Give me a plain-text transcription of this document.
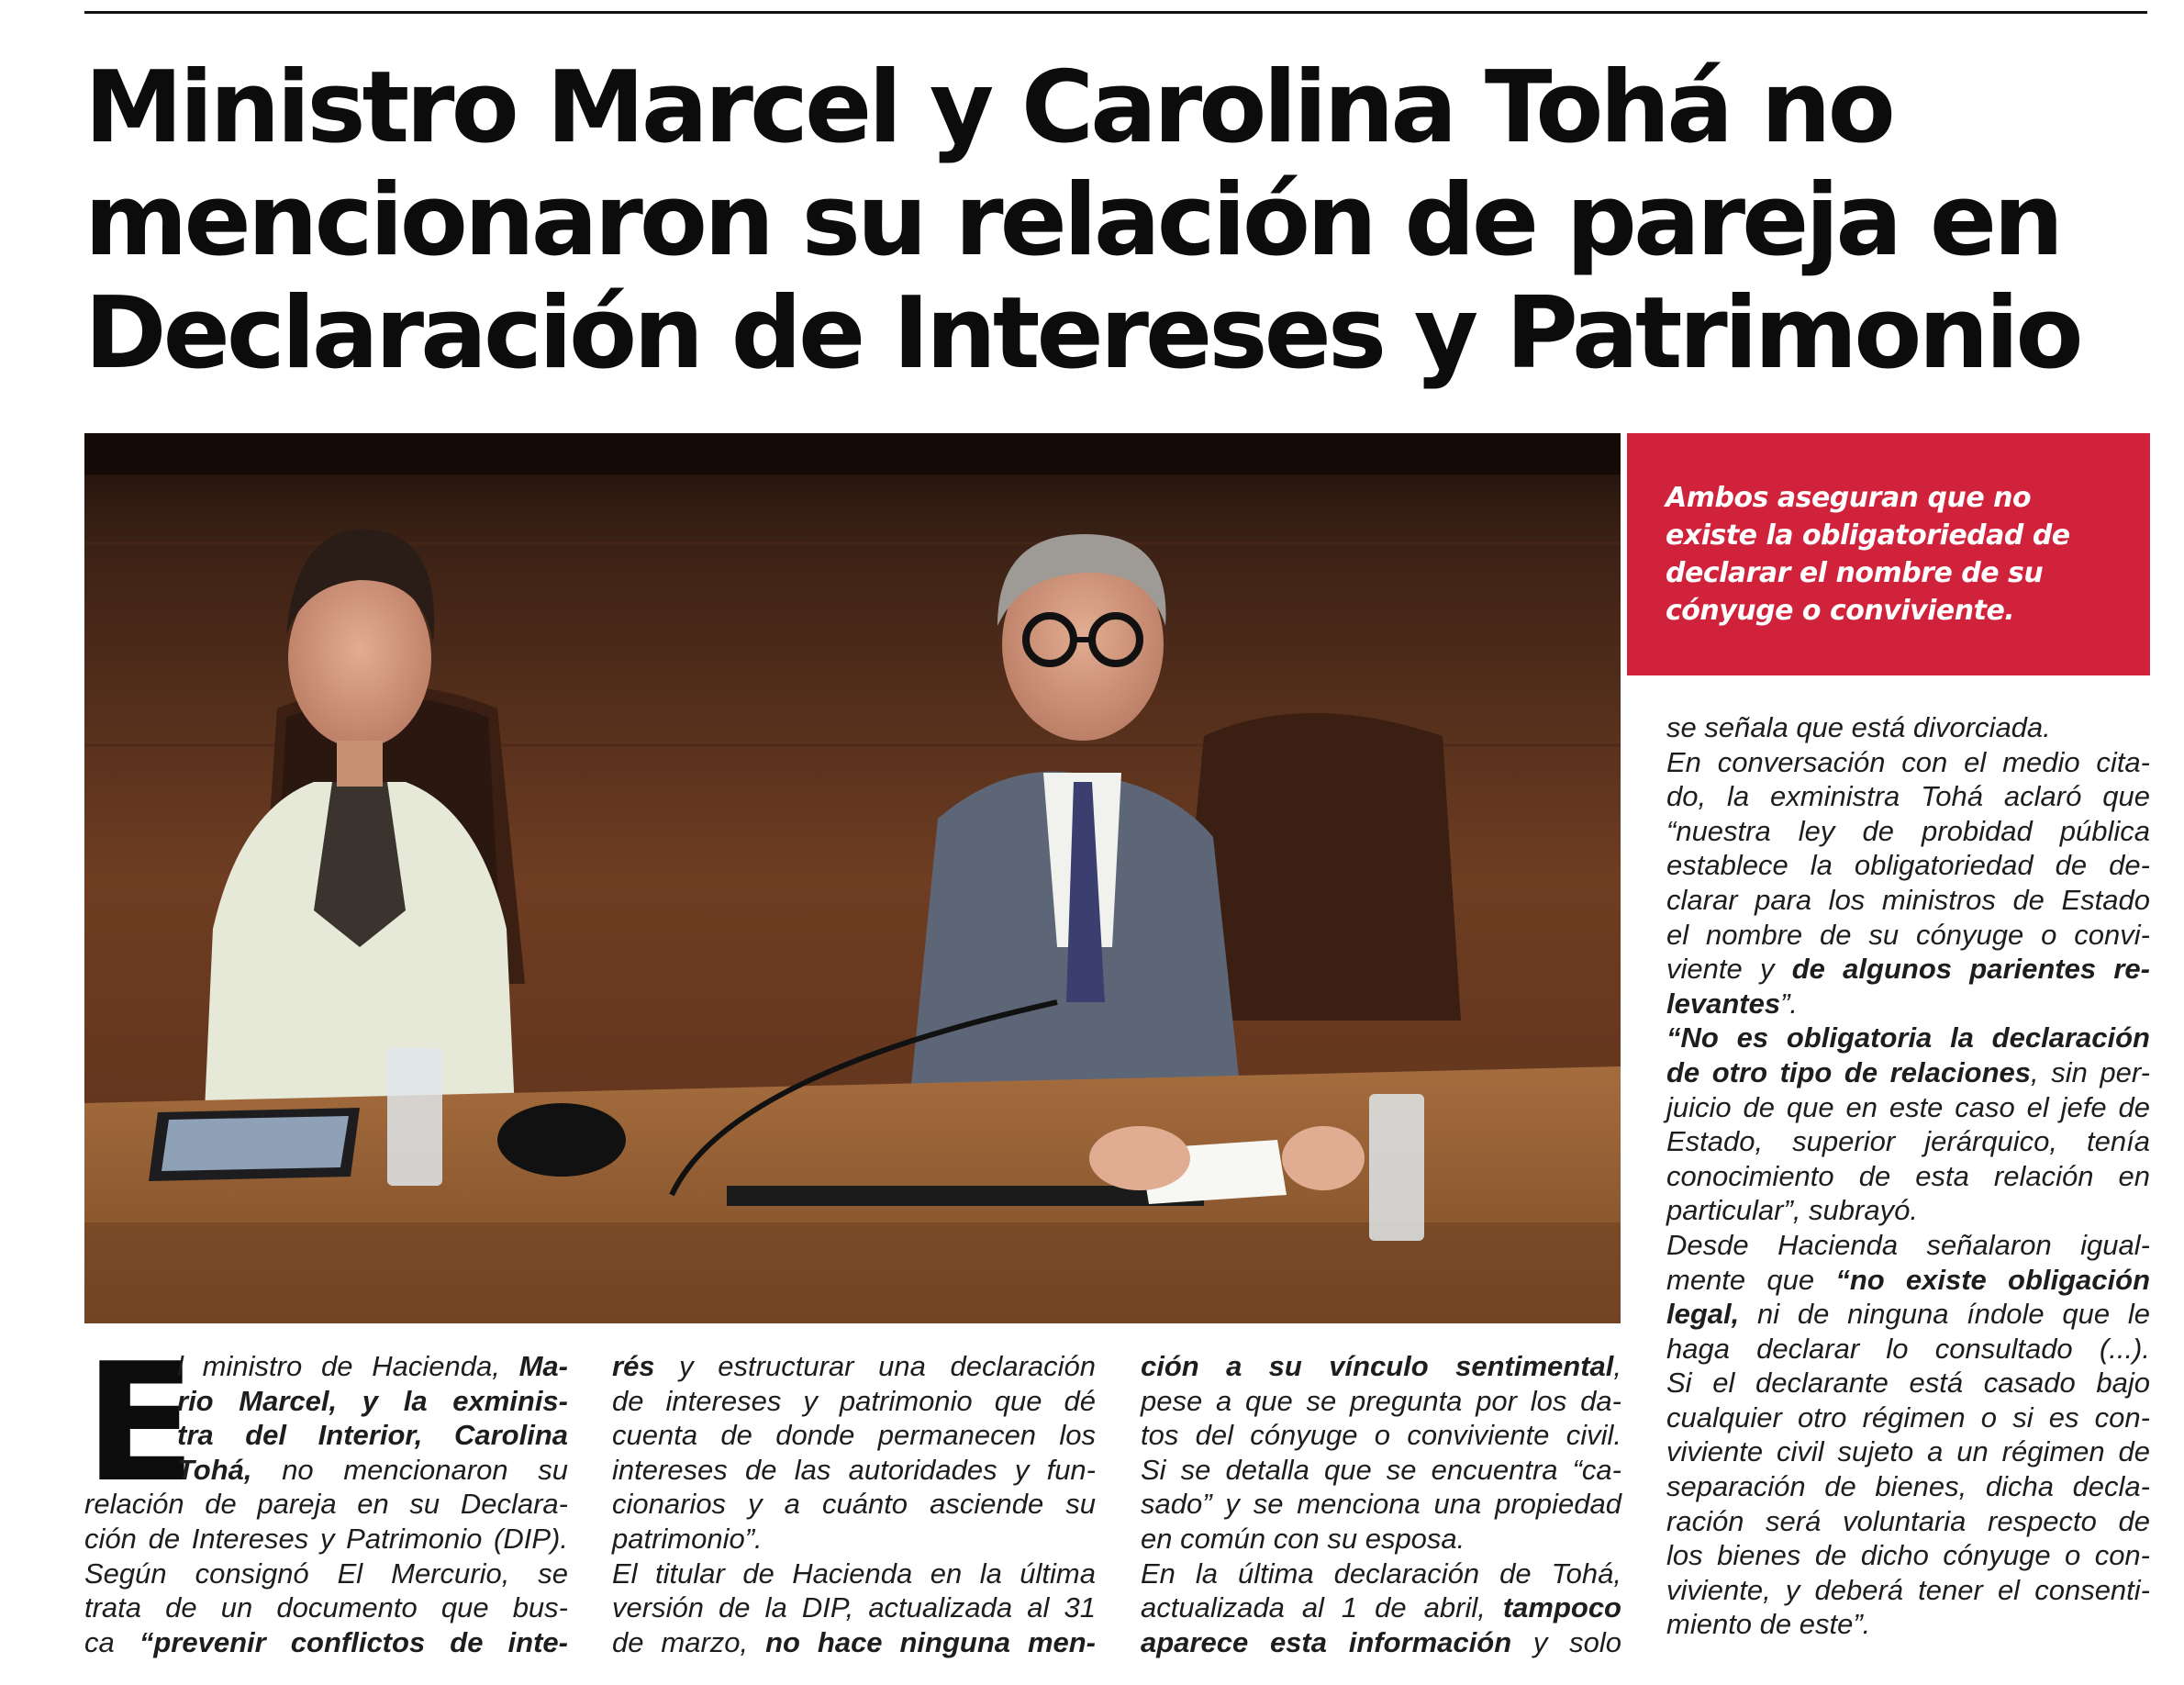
Ministro Marcel y Carolina Tohá no
mencionaron su relación de pareja en
Declaración de Intereses y Patrimonio

Ambos aseguran que no existe la obligatoriedad de declarar el nombre de su cónyuge o conviviente.

E
l ministro de Hacienda, Ma-
rio Marcel, y la exminis-
tra del Interior, Carolina
Tohá, no mencionaron su
relación de pareja en su Declara-
ción de Intereses y Patrimonio (DIP).
Según consignó El Mercurio, se
trata de un documento que bus-
ca “prevenir conflictos de inte-
rés y estructurar una declaración
de intereses y patrimonio que dé
cuenta de donde permanecen los
intereses de las autoridades y fun-
cionarios y a cuánto asciende su
patrimonio”.
El titular de Hacienda en la última
versión de la DIP, actualizada al 31
de marzo, no hace ninguna men-
ción a su vínculo sentimental,
pese a que se pregunta por los da-
tos del cónyuge o conviviente civil.
Si se detalla que se encuentra “ca-
sado” y se menciona una propiedad
en común con su esposa.
En la última declaración de Tohá,
actualizada al 1 de abril, tampoco
aparece esta información y solo
se señala que está divorciada.
En conversación con el medio cita-
do, la exministra Tohá aclaró que
“nuestra ley de probidad pública
establece la obligatoriedad de de-
clarar para los ministros de Estado
el nombre de su cónyuge o convi-
viente y de algunos parientes re-
levantes”.
“No es obligatoria la declaración
de otro tipo de relaciones, sin per-
juicio de que en este caso el jefe de
Estado, superior jerárquico, tenía
conocimiento de esta relación en
particular”, subrayó.
Desde Hacienda señalaron igual-
mente que “no existe obligación
legal, ni de ninguna índole que le
haga declarar lo consultado (...).
Si el declarante está casado bajo
cualquier otro régimen o si es con-
viviente civil sujeto a un régimen de
separación de bienes, dicha decla-
ración será voluntaria respecto de
los bienes de dicho cónyuge o con-
viviente, y deberá tener el consenti-
miento de este”.
